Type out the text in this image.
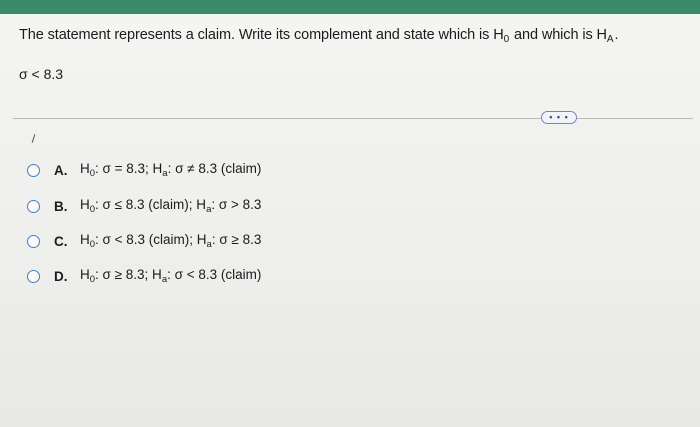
The statement represents a claim. Write its complement and state which is $H_0$ and which is $H_A$.
σ < 8.3
• • •
A. $H_0$: σ = 8.3; $H_a$: σ ≠ 8.3 (claim)
B. $H_0$: σ ≤ 8.3 (claim); $H_a$: σ > 8.3
C. $H_0$: σ < 8.3 (claim); $H_a$: σ ≥ 8.3
D. $H_0$: σ ≥ 8.3; $H_a$: σ < 8.3 (claim)
